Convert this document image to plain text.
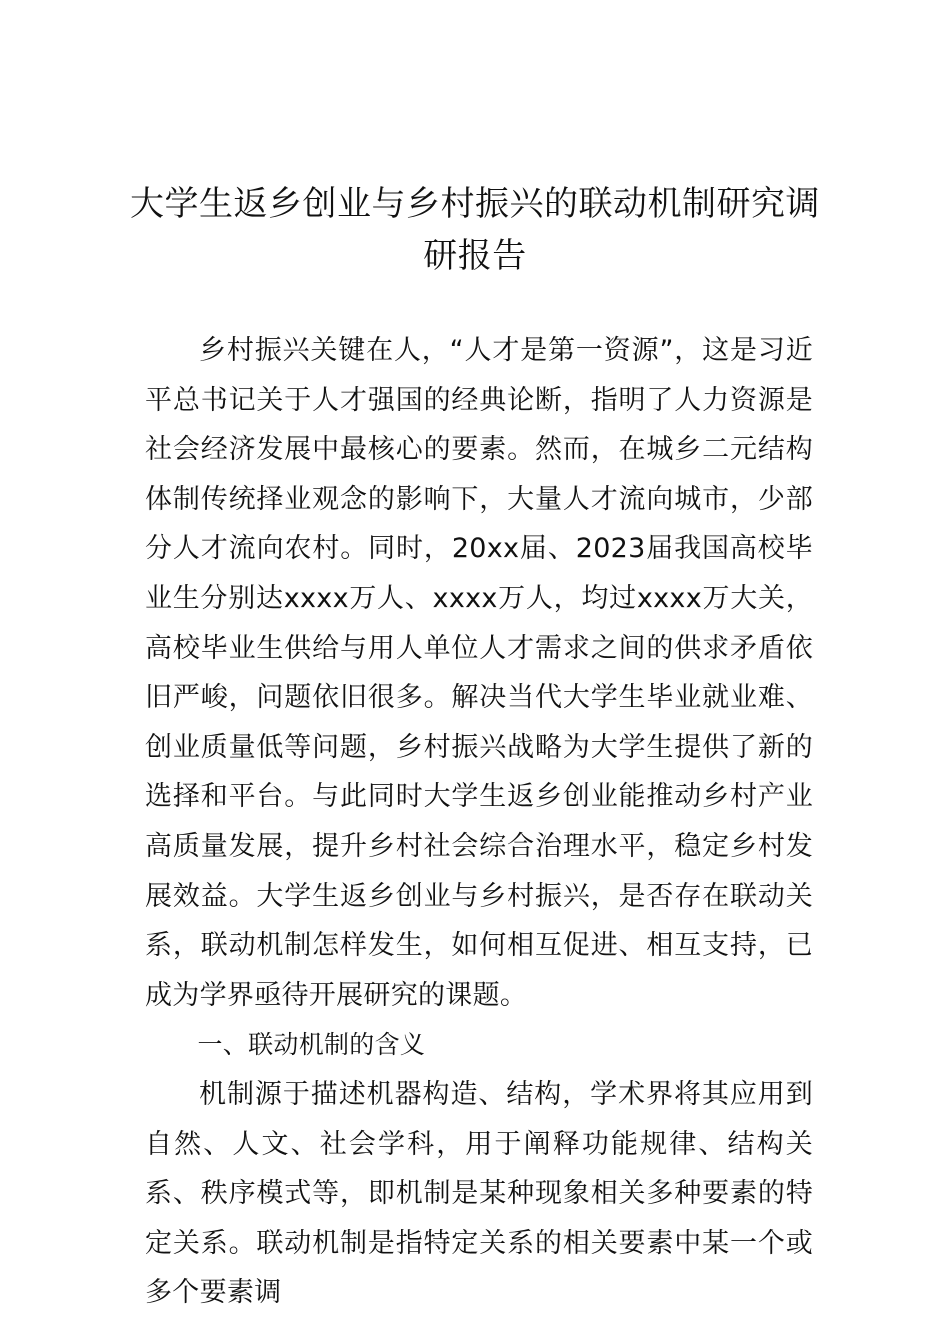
大学生返乡创业与乡村振兴的联动机制研究调研报告

乡村振兴关键在人，“人才是第一资源”，这是习近平总书记关于人才强国的经典论断，指明了人力资源是社会经济发展中最核心的要素。然而，在城乡二元结构体制传统择业观念的影响下，大量人才流向城市，少部分人才流向农村。同时，20xx届、2023届我国高校毕业生分别达xxxx万人、xxxx万人，均过xxxx万大关，高校毕业生供给与用人单位人才需求之间的供求矛盾依旧严峻，问题依旧很多。解决当代大学生毕业就业难、创业质量低等问题，乡村振兴战略为大学生提供了新的选择和平台。与此同时大学生返乡创业能推动乡村产业高质量发展，提升乡村社会综合治理水平，稳定乡村发展效益。大学生返乡创业与乡村振兴，是否存在联动关系，联动机制怎样发生，如何相互促进、相互支持，已成为学界亟待开展研究的课题。

一、联动机制的含义

机制源于描述机器构造、结构，学术界将其应用到自然、人文、社会学科，用于阐释功能规律、结构关系、秩序模式等，即机制是某种现象相关多种要素的特定关系。联动机制是指特定关系的相关要素中某一个或多个要素调
